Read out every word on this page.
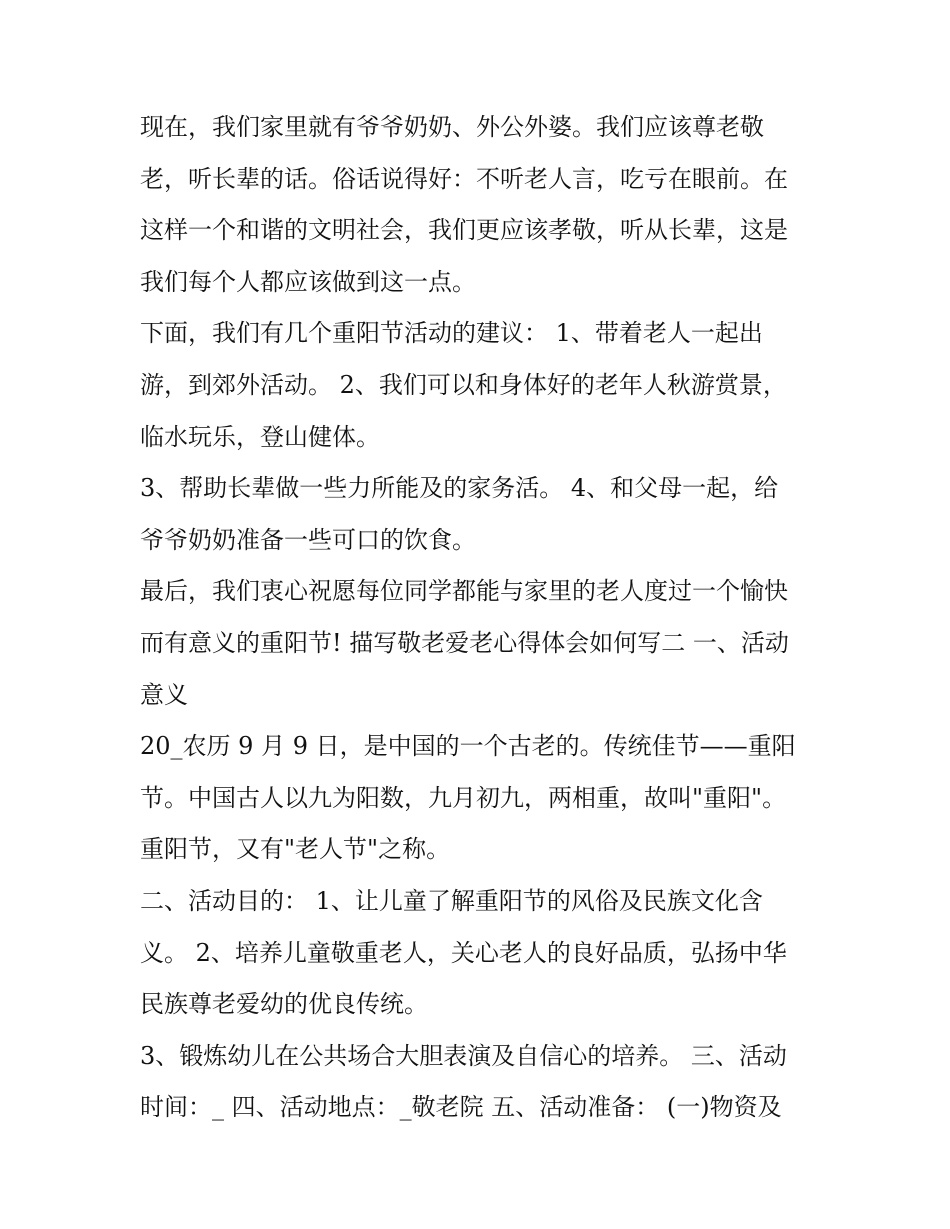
现在，我们家里就有爷爷奶奶、外公外婆。我们应该尊老敬
老，听长辈的话。俗话说得好：不听老人言，吃亏在眼前。在
这样一个和谐的文明社会，我们更应该孝敬，听从长辈，这是
我们每个人都应该做到这一点。
下面，我们有几个重阳节活动的建议： 1、带着老人一起出
游，到郊外活动。 2、我们可以和身体好的老年人秋游赏景，
临水玩乐，登山健体。
3、帮助长辈做一些力所能及的家务活。 4、和父母一起，给
爷爷奶奶准备一些可口的饮食。
最后，我们衷心祝愿每位同学都能与家里的老人度过一个愉快
而有意义的重阳节! 描写敬老爱老心得体会如何写二 一、活动
意义
20_农历 9 月 9 日，是中国的一个古老的。传统佳节——重阳
节。中国古人以九为阳数，九月初九，两相重，故叫"重阳"。
重阳节，又有"老人节"之称。
二、活动目的： 1、让儿童了解重阳节的风俗及民族文化含
义。 2、培养儿童敬重老人，关心老人的良好品质，弘扬中华
民族尊老爱幼的优良传统。
3、锻炼幼儿在公共场合大胆表演及自信心的培养。 三、活动
时间：_ 四、活动地点：_敬老院 五、活动准备： (一)物资及
